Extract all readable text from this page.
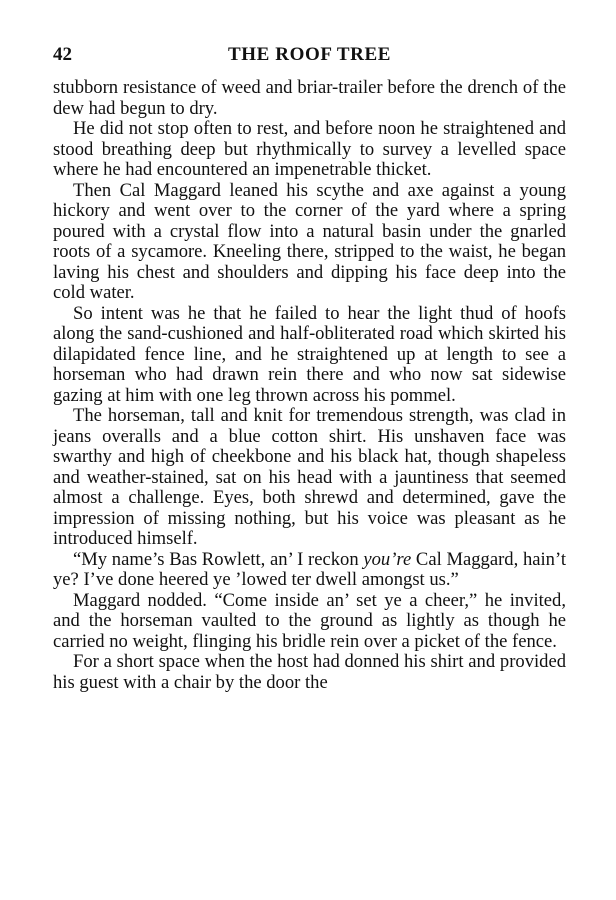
42	THE ROOF TREE

stubborn resistance of weed and briar-trailer before the drench of the dew had begun to dry.

He did not stop often to rest, and before noon he straightened and stood breathing deep but rhythmically to survey a levelled space where he had encountered an impenetrable thicket.

Then Cal Maggard leaned his scythe and axe against a young hickory and went over to the corner of the yard where a spring poured with a crystal flow into a natural basin under the gnarled roots of a sycamore. Kneeling there, stripped to the waist, he began laving his chest and shoulders and dipping his face deep into the cold water.

So intent was he that he failed to hear the light thud of hoofs along the sand-cushioned and half-obliterated road which skirted his dilapidated fence line, and he straightened up at length to see a horseman who had drawn rein there and who now sat sidewise gazing at him with one leg thrown across his pommel.

The horseman, tall and knit for tremendous strength, was clad in jeans overalls and a blue cotton shirt. His unshaven face was swarthy and high of cheekbone and his black hat, though shapeless and weather-stained, sat on his head with a jauntiness that seemed almost a challenge. Eyes, both shrewd and determined, gave the impression of missing nothing, but his voice was pleasant as he introduced himself.

“My name’s Bas Rowlett, an’ I reckon you’re Cal Maggard, hain’t ye? I’ve done heered ye ’lowed ter dwell amongst us.”

Maggard nodded. “Come inside an’ set ye a cheer,” he invited, and the horseman vaulted to the ground as lightly as though he carried no weight, flinging his bridle rein over a picket of the fence.

For a short space when the host had donned his shirt and provided his guest with a chair by the door the
